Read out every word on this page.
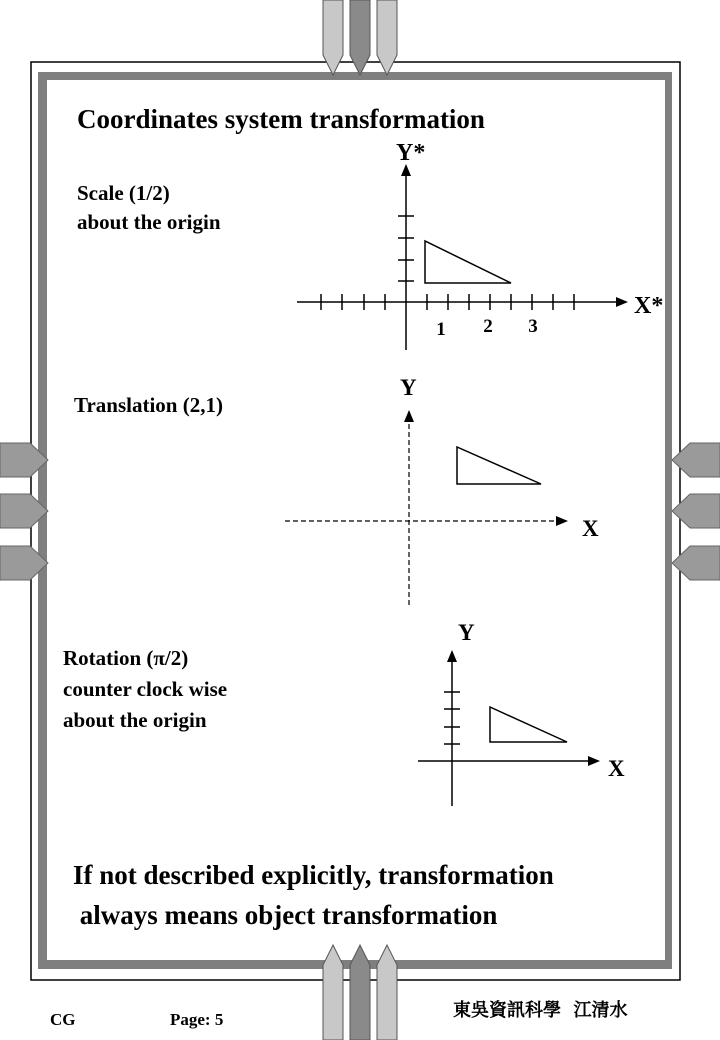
1 2 3
Coordinates system transformation
Scale (1/2)
about the origin
Y*
X*
Translation (2,1)
Y
X
Rotation (π/2)
counter clock wise
about the origin
Y
X
If not described explicitly, transformation
always means object transformation
CG	Page: 5	東吳資訊科學  江清水
